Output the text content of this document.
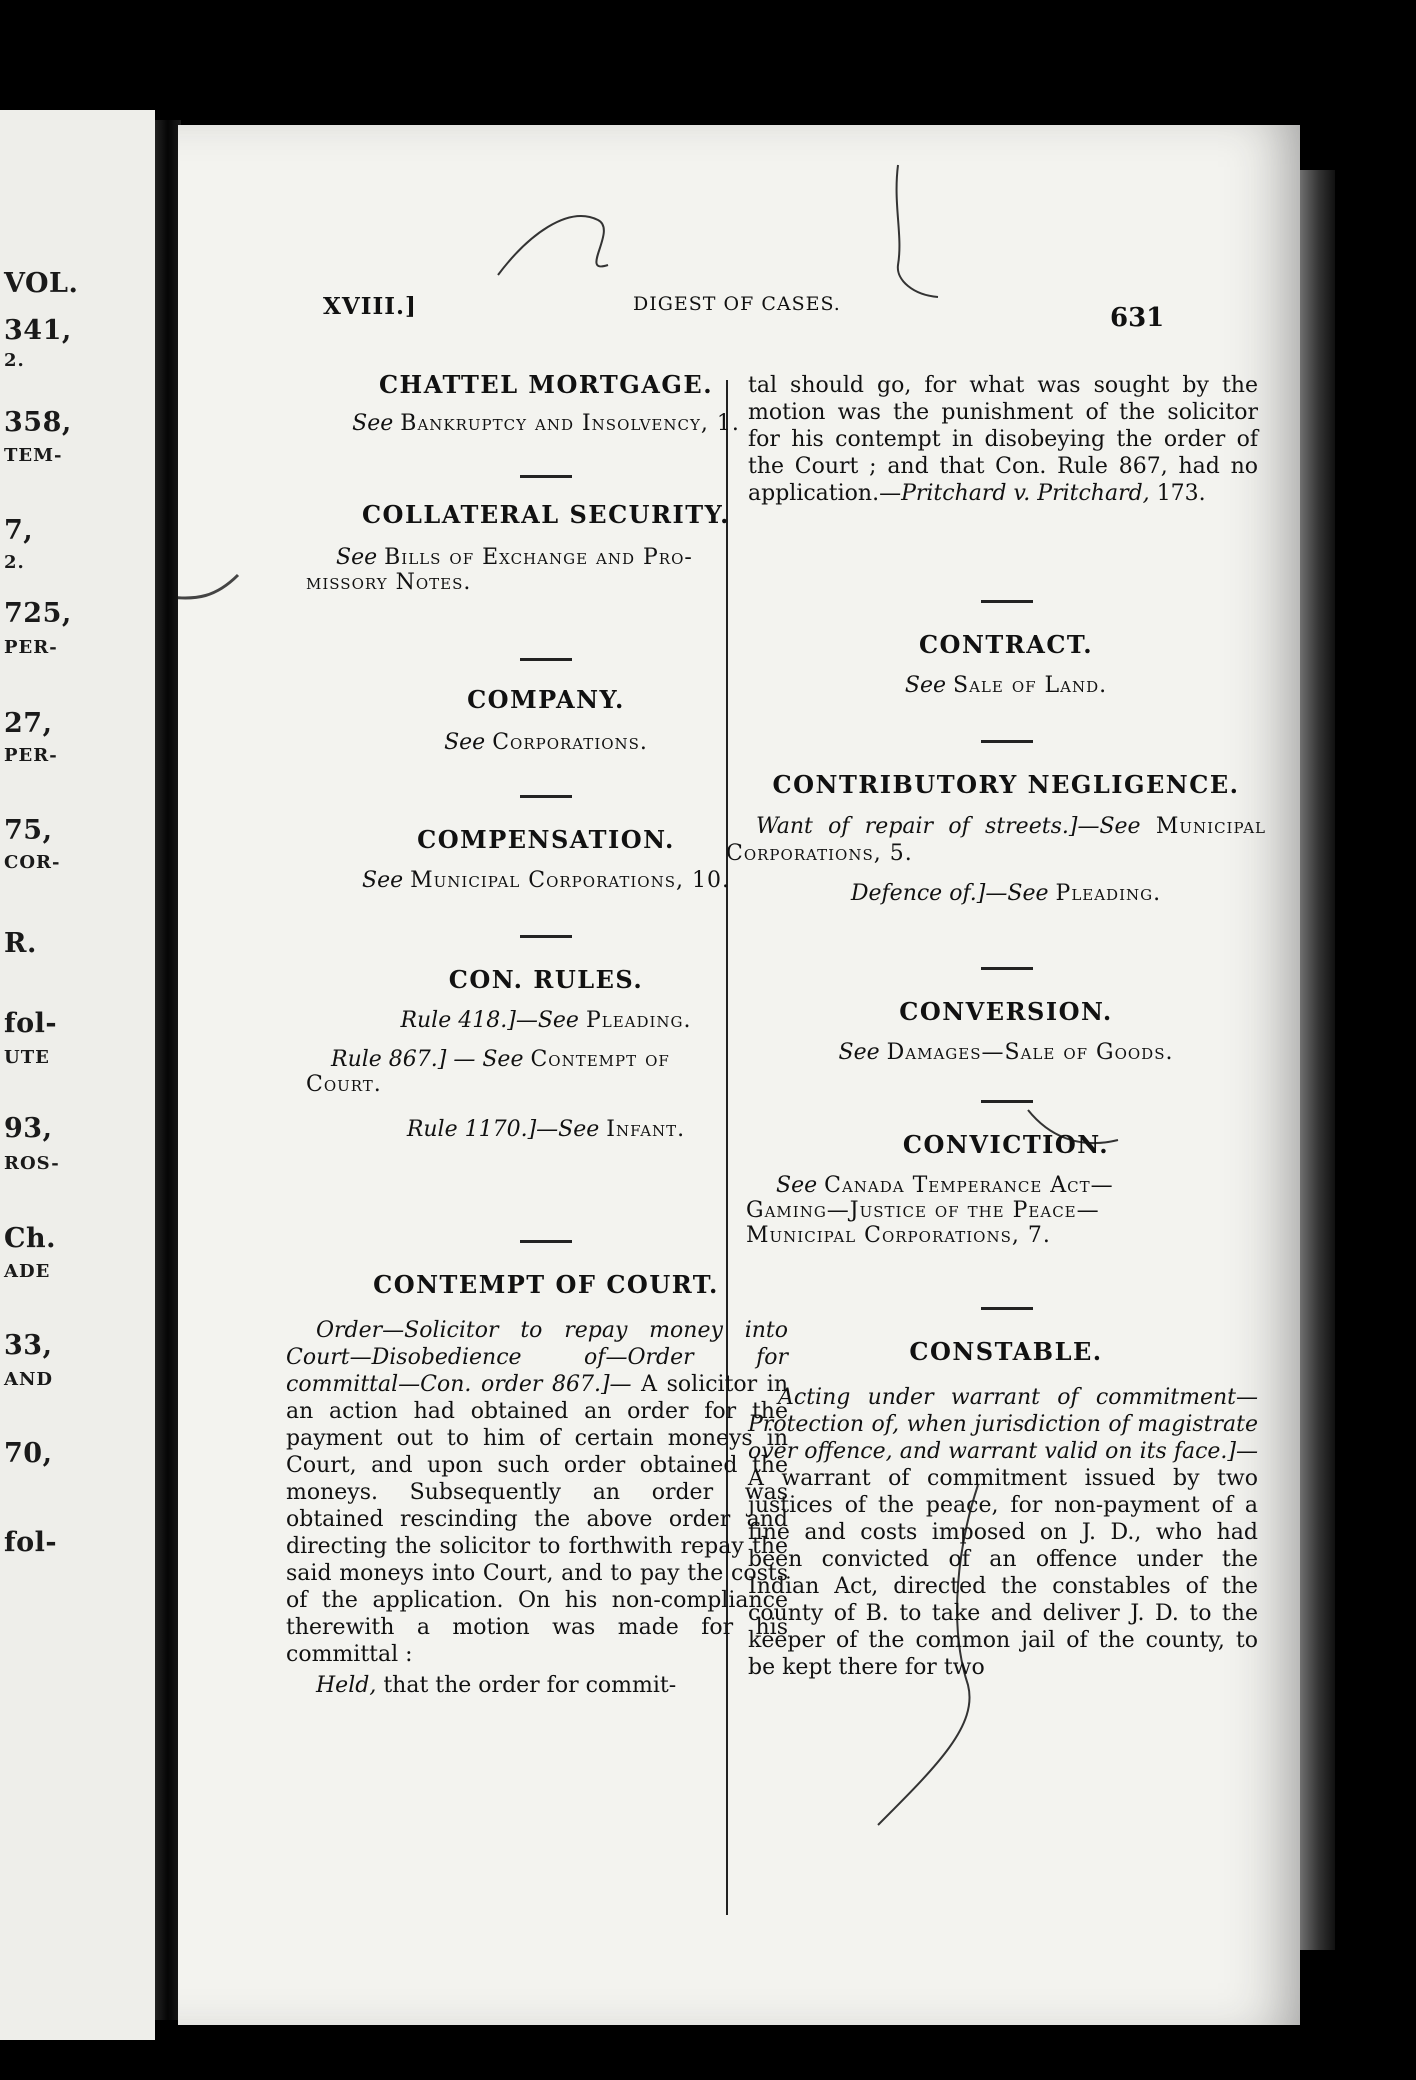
VOL.
341,
2.
358,
TEM-
7,
2.
725,
PER-
27,
PER-
75,
COR-
R.
fol-
UTE
93,
ROS-
Ch.
ADE
33,
AND
70,
fol-
XVIII.]	DIGEST OF CASES.	631

CHATTEL MORTGAGE.

See Bankruptcy and Insolvency, 1.

COLLATERAL SECURITY.

See Bills of Exchange and Pro-

missory Notes.

COMPANY.

See Corporations.

COMPENSATION.

See Municipal Corporations, 10.

CON. RULES.

Rule 418.]—See Pleading.

Rule 867.] — See Contempt of

Court.

Rule 1170.]—See Infant.

CONTEMPT OF COURT.

Order—Solicitor to repay money into Court—Disobedience of—Order for committal—Con. order 867.]— A solicitor in an action had obtained an order for the payment out to him of certain moneys in Court, and upon such order obtained the moneys. Subsequently an order was obtained rescinding the above order and directing the solicitor to forthwith repay the said moneys into Court, and to pay the costs of the application. On his non-compliance therewith a motion was made for his committal :

Held, that the order for commit-

tal should go, for what was sought by the motion was the punishment of the solicitor for his contempt in disobeying the order of the Court ; and that Con. Rule 867, had no application.—Pritchard v. Pritchard, 173.

CONTRACT.

See Sale of Land.

CONTRIBUTORY NEGLIGENCE.

Want of repair of streets.]—See Municipal Corporations, 5.

Defence of.]—See Pleading.

CONVERSION.

See Damages—Sale of Goods.

CONVICTION.

See Canada Temperance Act—

Gaming—Justice of the Peace—

Municipal Corporations, 7.

CONSTABLE.

Acting under warrant of commitment—Protection of, when jurisdiction of magistrate over offence, and warrant valid on its face.]—A warrant of commitment issued by two justices of the peace, for non-payment of a fine and costs imposed on J. D., who had been convicted of an offence under the Indian Act, directed the constables of the county of B. to take and deliver J. D. to the keeper of the common jail of the county, to be kept there for two
